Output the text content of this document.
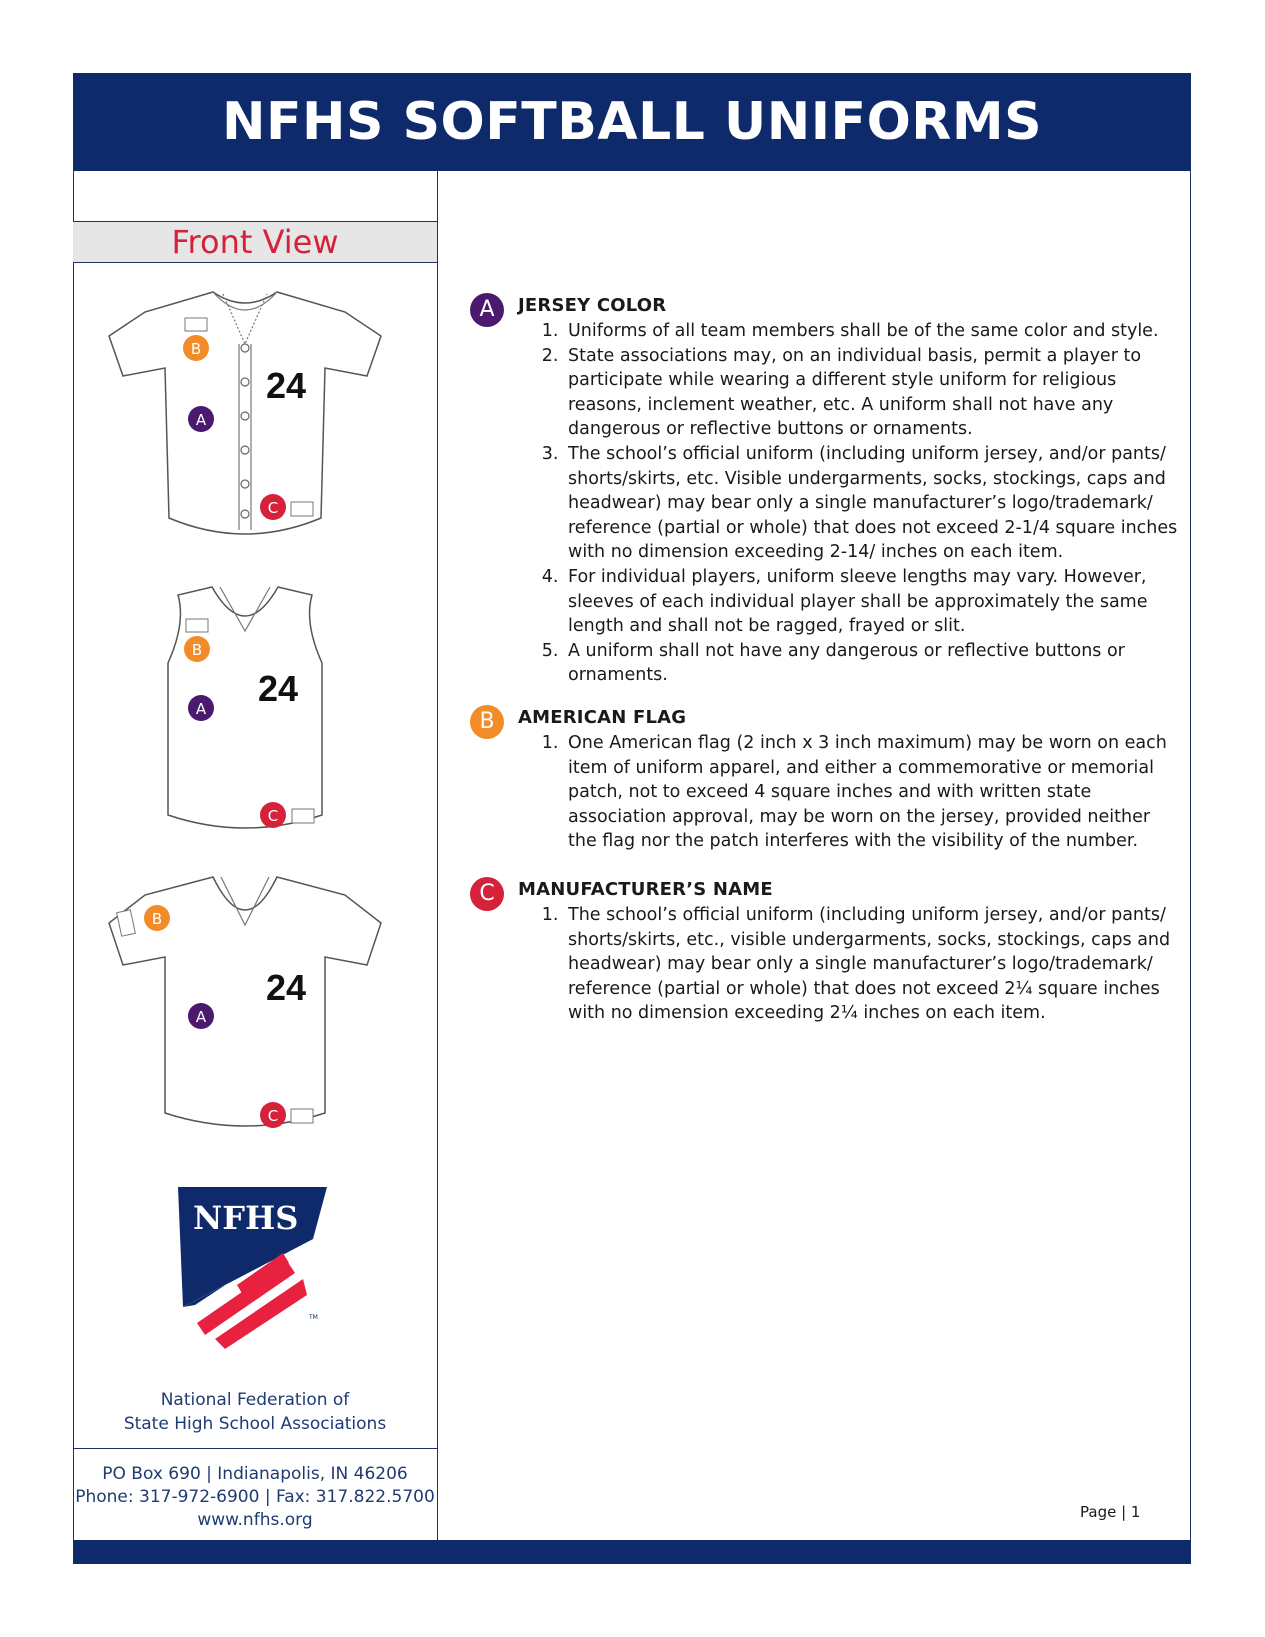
NFHS SOFTBALL UNIFORMS
Front View
24
B
A
C
24
B
A
C
24
B
A
C
NFHS
TM
National Federation of
State High School Associations
PO Box 690 | Indianapolis, IN 46206
Phone: 317-972-6900 | Fax: 317.822.5700
www.nfhs.org
A	JERSEY COLOR
1. Uniforms of all team members shall be of the same color and style.
2. State associations may, on an individual basis, permit a player to participate while wearing a different style uniform for religious reasons, inclement weather, etc. A uniform shall not have any dangerous or reflective buttons or ornaments.
3. The school’s official uniform (including uniform jersey, and/or pants/ shorts/skirts, etc. Visible undergarments, socks, stockings, caps and headwear) may bear only a single manufacturer’s logo/trademark/ reference (partial or whole) that does not exceed 2-1/4 square inches with no dimension exceeding 2-14/ inches on each item.
4. For individual players, uniform sleeve lengths may vary. However, sleeves of each individual player shall be approximately the same length and shall not be ragged, frayed or slit.
5. A uniform shall not have any dangerous or reflective buttons or ornaments.
B	AMERICAN FLAG
1. One American flag (2 inch x 3 inch maximum) may be worn on each item of uniform apparel, and either a commemorative or memorial patch, not to exceed 4 square inches and with written state association approval, may be worn on the jersey, provided neither the flag nor the patch interferes with the visibility of the number.
C	MANUFACTURER’S NAME
1. The school’s official uniform (including uniform jersey, and/or pants/ shorts/skirts, etc., visible undergarments, socks, stockings, caps and headwear) may bear only a single manufacturer’s logo/trademark/ reference (partial or whole) that does not exceed 2¼ square inches with no dimension exceeding 2¼ inches on each item.
Page | 1
